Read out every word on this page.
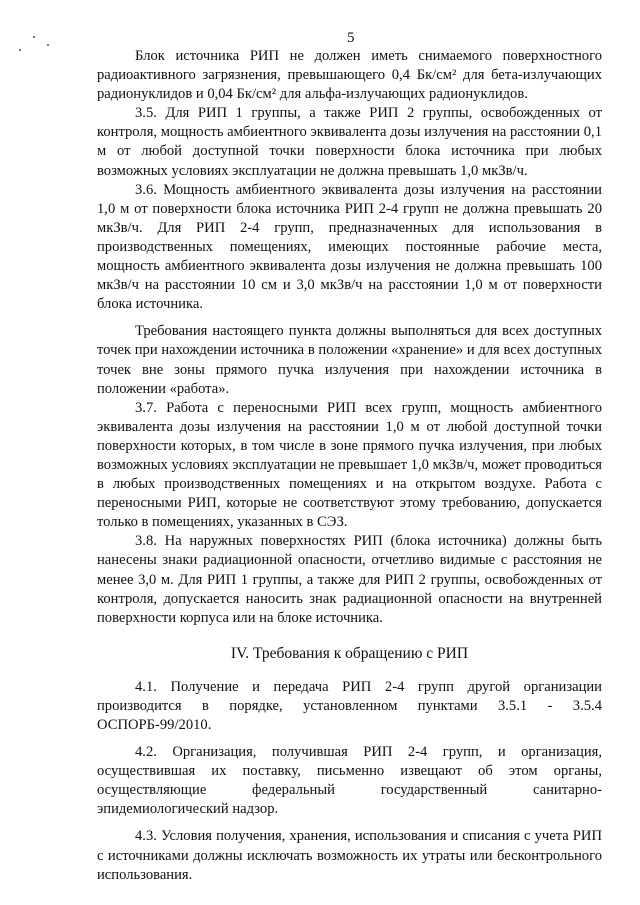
5

Блок источника РИП не должен иметь снимаемого поверхностного радиоактивного загрязнения, превышающего 0,4 Бк/см² для бета-излучающих радионуклидов и 0,04 Бк/см² для альфа-излучающих радионуклидов.

3.5. Для РИП 1 группы, а также РИП 2 группы, освобожденных от контроля, мощность амбиентного эквивалента дозы излучения на расстоянии 0,1 м от любой доступной точки поверхности блока источника при любых возможных условиях эксплуатации не должна превышать 1,0 мкЗв/ч.

3.6. Мощность амбиентного эквивалента дозы излучения на расстоянии 1,0 м от поверхности блока источника РИП 2-4 групп не должна превышать 20 мкЗв/ч. Для РИП 2-4 групп, предназначенных для использования в производственных помещениях, имеющих постоянные рабочие места, мощность амбиентного эквивалента дозы излучения не должна превышать 100 мкЗв/ч на расстоянии 10 см и 3,0 мкЗв/ч на расстоянии 1,0 м от поверхности блока источника.

Требования настоящего пункта должны выполняться для всех доступных точек при нахождении источника в положении «хранение» и для всех доступных точек вне зоны прямого пучка излучения при нахождении источника в положении «работа».

3.7. Работа с переносными РИП всех групп, мощность амбиентного эквивалента дозы излучения на расстоянии 1,0 м от любой доступной точки поверхности которых, в том числе в зоне прямого пучка излучения, при любых возможных условиях эксплуатации не превышает 1,0 мкЗв/ч, может проводиться в любых производственных помещениях и на открытом воздухе. Работа с переносными РИП, которые не соответствуют этому требованию, допускается только в помещениях, указанных в СЭЗ.

3.8. На наружных поверхностях РИП (блока источника) должны быть нанесены знаки радиационной опасности, отчетливо видимые с расстояния не менее 3,0 м. Для РИП 1 группы, а также для РИП 2 группы, освобожденных от контроля, допускается наносить знак радиационной опасности на внутренней поверхности корпуса или на блоке источника.

IV. Требования к обращению с РИП

4.1. Получение и передача РИП 2-4 групп другой организации производится в порядке, установленном пунктами 3.5.1 - 3.5.4 ОСПОРБ-99/2010.

4.2. Организация, получившая РИП 2-4 групп, и организация, осуществившая их поставку, письменно извещают об этом органы, осуществляющие федеральный государственный санитарно-эпидемиологический надзор.

4.3. Условия получения, хранения, использования и списания с учета РИП с источниками должны исключать возможность их утраты или бесконтрольного использования.
